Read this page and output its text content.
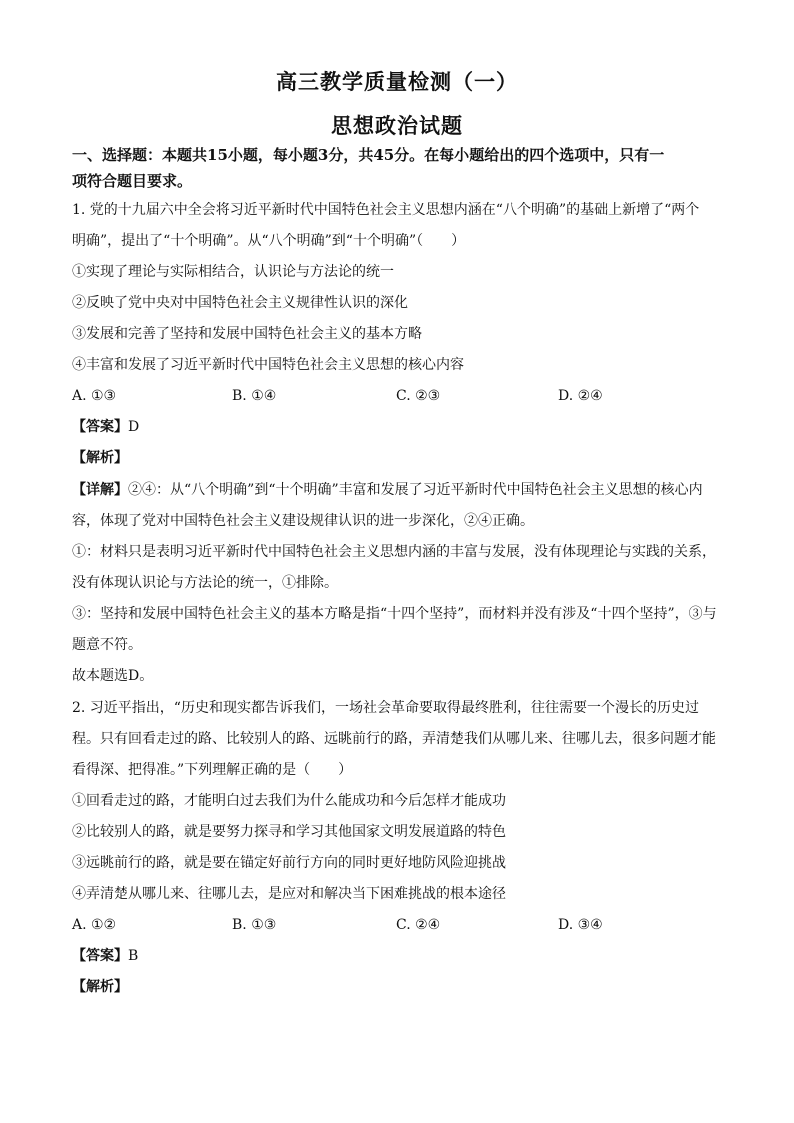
高三教学质量检测（一）
思想政治试题
一、选择题：本题共15小题，每小题3分，共45分。在每小题给出的四个选项中，只有一
项符合题目要求。
1. 党的十九届六中全会将习近平新时代中国特色社会主义思想内涵在“八个明确”的基础上新增了“两个
明确”，提出了“十个明确”。从“八个明确”到“十个明确”（　　）
①实现了理论与实际相结合，认识论与方法论的统一
②反映了党中央对中国特色社会主义规律性认识的深化
③发展和完善了坚持和发展中国特色社会主义的基本方略
④丰富和发展了习近平新时代中国特色社会主义思想的核心内容
A. ①③	B. ①④	C. ②③	D. ②④
【答案】D
【解析】
【详解】②④：从“八个明确”到“十个明确”丰富和发展了习近平新时代中国特色社会主义思想的核心内
容，体现了党对中国特色社会主义建设规律认识的进一步深化，②④正确。
①：材料只是表明习近平新时代中国特色社会主义思想内涵的丰富与发展，没有体现理论与实践的关系，
没有体现认识论与方法论的统一，①排除。
③：坚持和发展中国特色社会主义的基本方略是指“十四个坚持”，而材料并没有涉及“十四个坚持”，③与
题意不符。
故本题选D。
2. 习近平指出，“历史和现实都告诉我们，一场社会革命要取得最终胜利，往往需要一个漫长的历史过
程。只有回看走过的路、比较别人的路、远眺前行的路，弄清楚我们从哪儿来、往哪儿去，很多问题才能
看得深、把得准。”下列理解正确的是（　　）
①回看走过的路，才能明白过去我们为什么能成功和今后怎样才能成功
②比较别人的路，就是要努力探寻和学习其他国家文明发展道路的特色
③远眺前行的路，就是要在锚定好前行方向的同时更好地防风险迎挑战
④弄清楚从哪儿来、往哪儿去，是应对和解决当下困难挑战的根本途径
A. ①②	B. ①③	C. ②④	D. ③④
【答案】B
【解析】
